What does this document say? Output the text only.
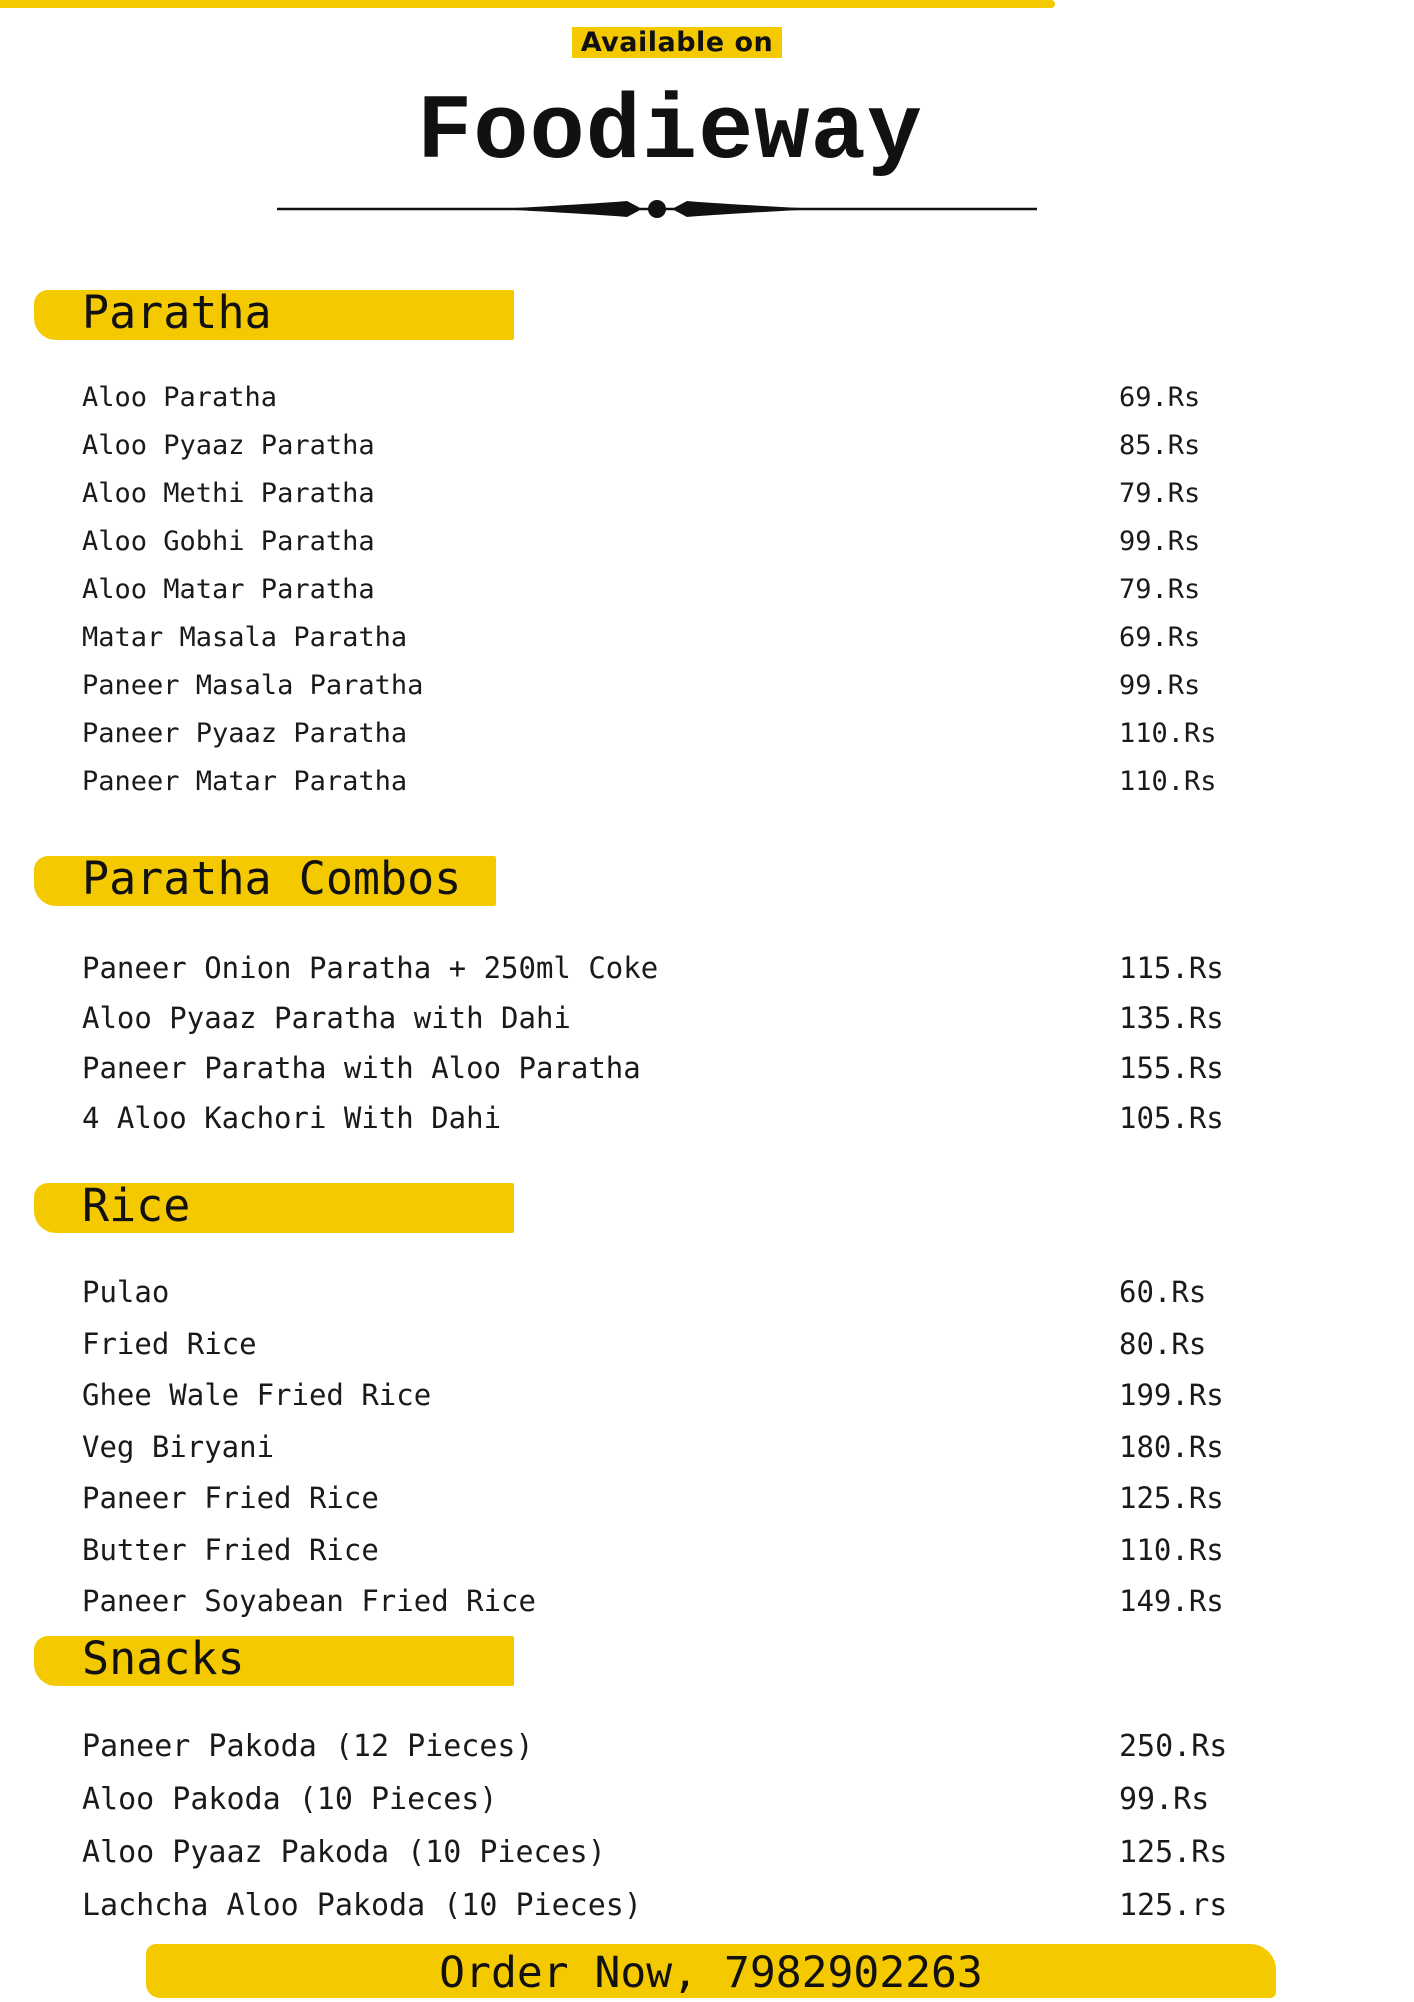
Available on
Foodieway
Paratha
Aloo Paratha	69.Rs
Aloo Pyaaz Paratha	85.Rs
Aloo Methi Paratha	79.Rs
Aloo Gobhi Paratha	99.Rs
Aloo Matar Paratha	79.Rs
Matar Masala Paratha	69.Rs
Paneer Masala Paratha	99.Rs
Paneer Pyaaz Paratha	110.Rs
Paneer Matar Paratha	110.Rs
Paratha Combos
Paneer Onion Paratha + 250ml Coke	115.Rs
Aloo Pyaaz Paratha with Dahi	135.Rs
Paneer Paratha with Aloo Paratha	155.Rs
4 Aloo Kachori With Dahi	105.Rs
Rice
Pulao	60.Rs
Fried Rice	80.Rs
Ghee Wale Fried Rice	199.Rs
Veg Biryani	180.Rs
Paneer Fried Rice	125.Rs
Butter Fried Rice	110.Rs
Paneer Soyabean Fried Rice	149.Rs
Snacks
Paneer Pakoda (12 Pieces)	250.Rs
Aloo Pakoda (10 Pieces)	99.Rs
Aloo Pyaaz Pakoda (10 Pieces)	125.Rs
Lachcha Aloo Pakoda (10 Pieces)	125.rs
Order Now, 7982902263
